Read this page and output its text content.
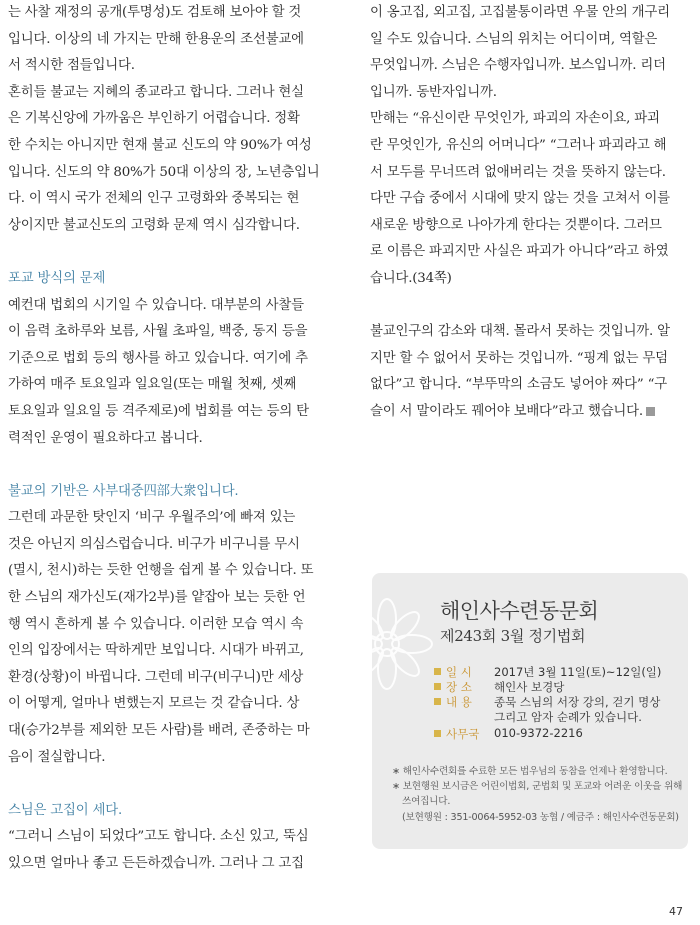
는 사찰 재정의 공개(투명성)도 검토해 보아야 할 것
입니다. 이상의 네 가지는 만해 한용운의 조선불교에
서 적시한 점들입니다.
혼히들 불교는 지혜의 종교라고 합니다. 그러나 현실
은 기복신앙에 가까움은 부인하기 어렵습니다. 정확
한 수치는 아니지만 현재 불교 신도의 약 90%가 여성
입니다. 신도의 약 80%가 50대 이상의 장, 노년층입니
다. 이 역시 국가 전체의 인구 고령화와 중복되는 현
상이지만 불교신도의 고령화 문제 역시 심각합니다.
포교 방식의 문제
예컨대 법회의 시기일 수 있습니다. 대부분의 사찰들
이 음력 초하루와 보름, 사월 초파일, 백중, 동지 등을
기준으로 법회 등의 행사를 하고 있습니다. 여기에 추
가하여 매주 토요일과 일요일(또는 매월 첫째, 셋째
토요일과 일요일 등 격주제로)에 법회를 여는 등의 탄
력적인 운영이 필요하다고 봅니다.
불교의 기반은 사부대중四部大衆입니다.
그런데 과문한 탓인지 ‘비구 우월주의’에 빠져 있는
것은 아닌지 의심스럽습니다. 비구가 비구니를 무시
(멸시, 천시)하는 듯한 언행을 쉽게 볼 수 있습니다. 또
한 스님의 재가신도(재가2부)를 얕잡아 보는 듯한 언
행 역시 흔하게 볼 수 있습니다. 이러한 모습 역시 속
인의 입장에서는 딱하게만 보입니다. 시대가 바뀌고,
환경(상황)이 바뀝니다. 그런데 비구(비구니)만 세상
이 어떻게, 얼마나 변했는지 모르는 것 같습니다. 상
대(승가2부를 제외한 모든 사람)를 배려, 존중하는 마
음이 절실합니다.
스님은 고집이 세다.
“그러니 스님이 되었다”고도 합니다. 소신 있고, 뚝심
있으면 얼마나 좋고 든든하겠습니까. 그러나 그 고집
이 옹고집, 외고집, 고집불통이라면 우물 안의 개구리
일 수도 있습니다. 스님의 위치는 어디이며, 역할은
무엇입니까. 스님은 수행자입니까. 보스입니까. 리더
입니까. 동반자입니까.
만해는 “유신이란 무엇인가, 파괴의 자손이요, 파괴
란 무엇인가, 유신의 어머니다” “그러나 파괴라고 해
서 모두를 무너뜨려 없애버리는 것을 뜻하지 않는다.
다만 구습 중에서 시대에 맞지 않는 것을 고쳐서 이를
새로운 방향으로 나아가게 한다는 것뿐이다. 그러므
로 이름은 파괴지만 사실은 파괴가 아니다”라고 하였
습니다.(34쪽)
불교인구의 감소와 대책. 몰라서 못하는 것입니까. 알
지만 할 수 없어서 못하는 것입니까. “핑계 없는 무덤
없다”고 합니다. “부뚜막의 소금도 넣어야 짜다” “구
슬이 서 말이라도 꿰어야 보배다”라고 했습니다.
해인사수련동문회
제243회 3월 정기법회
일 시 2017년 3월 11일(토)~12일(일)
장 소 해인사 보경당
내 용 종묵 스님의 서장 강의, 걷기 명상
그리고 암자 순례가 있습니다.
사무국 010-9372-2216
∗ 해인사수련회를 수료한 모든 법우님의 동참을 언제나 환영합니다.
∗ 보현행원 보시금은 어린이법회, 군법회 및 포교와 어려운 이웃을 위해
쓰여집니다.
(보현행원 : 351-0064-5952-03 농협 / 예금주 : 해인사수련동문회)
47
